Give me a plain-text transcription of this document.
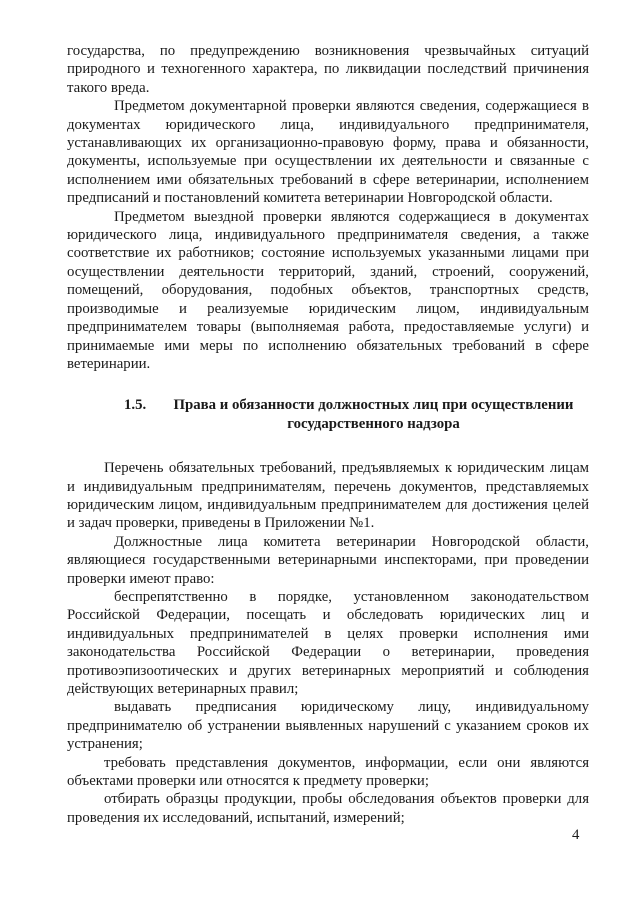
государства, по предупреждению возникновения чрезвычайных ситуаций природного и техногенного характера, по ликвидации последствий причинения такого вреда.

Предметом документарной проверки являются сведения, содержащиеся в документах юридического лица, индивидуального предпринимателя, устанавливающих их организационно-правовую форму, права и обязанности, документы, используемые при осуществлении их деятельности и связанные с исполнением ими обязательных требований в сфере ветеринарии, исполнением предписаний и постановлений комитета ветеринарии Новгородской области.

Предметом выездной проверки являются содержащиеся в документах юридического лица, индивидуального предпринимателя сведения, а также соответствие их работников; состояние используемых указанными лицами при осуществлении деятельности территорий, зданий, строений, сооружений, помещений, оборудования, подобных объектов, транспортных средств, производимые и реализуемые юридическим лицом, индивидуальным предпринимателем товары (выполняемая работа, предоставляемые услуги) и принимаемые ими меры по исполнению обязательных требований в сфере ветеринарии.

1.5.	Права и обязанности должностных лиц при осуществлении
государственного надзора

Перечень обязательных требований, предъявляемых к юридическим лицам и индивидуальным предпринимателям, перечень документов, представляемых юридическим лицом, индивидуальным предпринимателем для достижения целей и задач проверки, приведены в Приложении №1.

Должностные лица комитета ветеринарии Новгородской области, являющиеся государственными ветеринарными инспекторами, при проведении проверки имеют право:

беспрепятственно в порядке, установленном законодательством Российской Федерации, посещать и обследовать юридических лиц и индивидуальных предпринимателей в целях проверки исполнения ими законодательства Российской Федерации о ветеринарии, проведения противоэпизоотических и других ветеринарных мероприятий и соблюдения действующих ветеринарных правил;

выдавать предписания юридическому лицу, индивидуальному предпринимателю об устранении выявленных нарушений с указанием сроков их устранения;

требовать представления документов, информации, если они являются объектами проверки или относятся к предмету проверки;

отбирать образцы продукции, пробы обследования объектов проверки для проведения их исследований, испытаний, измерений;

4
